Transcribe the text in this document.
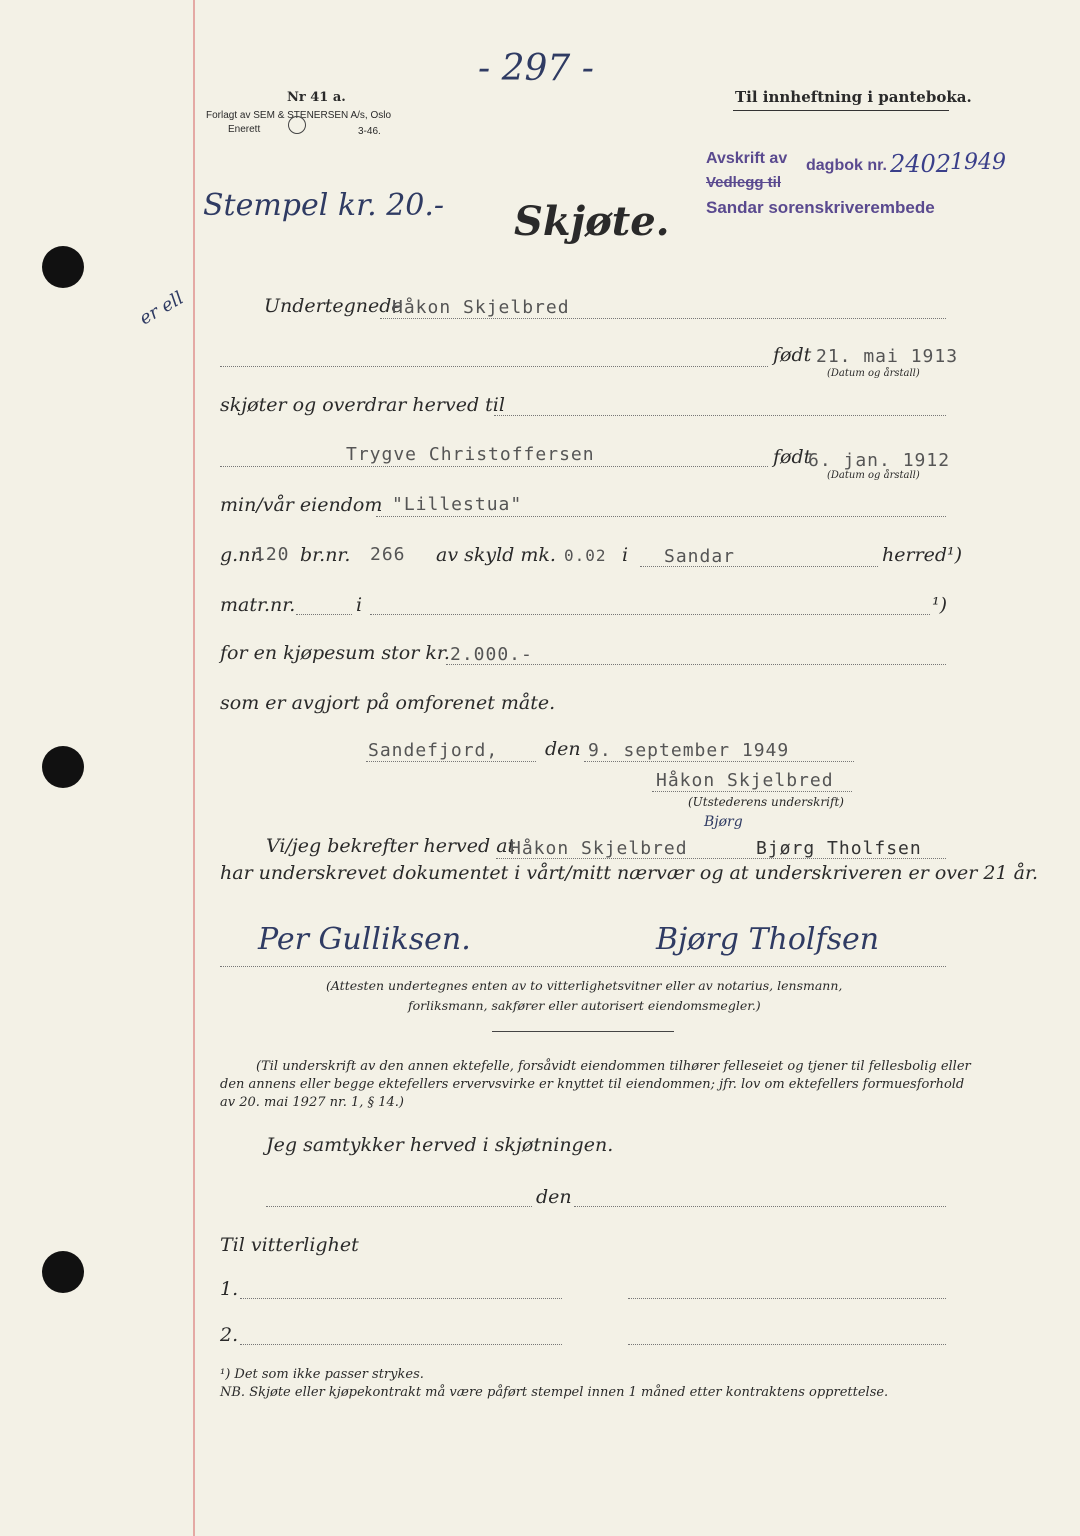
- 297 -
Nr 41 a.
Forlagt av SEM & STENERSEN A/s, Oslo
Enerett	3-46.
Til innheftning i panteboka.
Avskrift av dagbok nr. 2402
1949
Vedlegg til
Sandar sorenskriverembede
Stempel kr. 20.-
er ell
Skjøte.
Undertegnede
Håkon Skjelbred
født 21. mai 1913
(Datum og årstall)
skjøter og overdrar herved til
Trygve Christoffersen	født
6. jan. 1912
(Datum og årstall)
min/vår eiendom "Lillestua"
g.nr.
120 br.nr. 266 av skyld mk. 0.02 i Sandar	herred¹)
matr.nr.	i	¹)
for en kjøpesum stor kr. 2.000.-
som er avgjort på omforenet måte.
Sandefjord, den 9. september 1949
Håkon Skjelbred
(Utstederens underskrift)
Vi/jeg bekrefter herved at
Håkon Skjelbred
Bjørg
Bjørg Tholfsen
har underskrevet dokumentet i vårt/mitt nærvær og at underskriveren er over 21 år.
Per Gulliksen.	Bjørg Tholfsen
(Attesten undertegnes enten av to vitterlighetsvitner eller av notarius, lensmann,
forliksmann, sakfører eller autorisert eiendomsmegler.)
(Til underskrift av den annen ektefelle, forsåvidt eiendommen tilhører felleseiet og tjener til fellesbolig eller
den annens eller begge ektefellers ervervsvirke er knyttet til eiendommen; jfr. lov om ektefellers formuesforhold
av 20. mai 1927 nr. 1, § 14.)
Jeg samtykker herved i skjøtningen.
den
Til vitterlighet
1.
2.
¹) Det som ikke passer strykes.
NB. Skjøte eller kjøpekontrakt må være påført stempel innen 1 måned etter kontraktens opprettelse.
